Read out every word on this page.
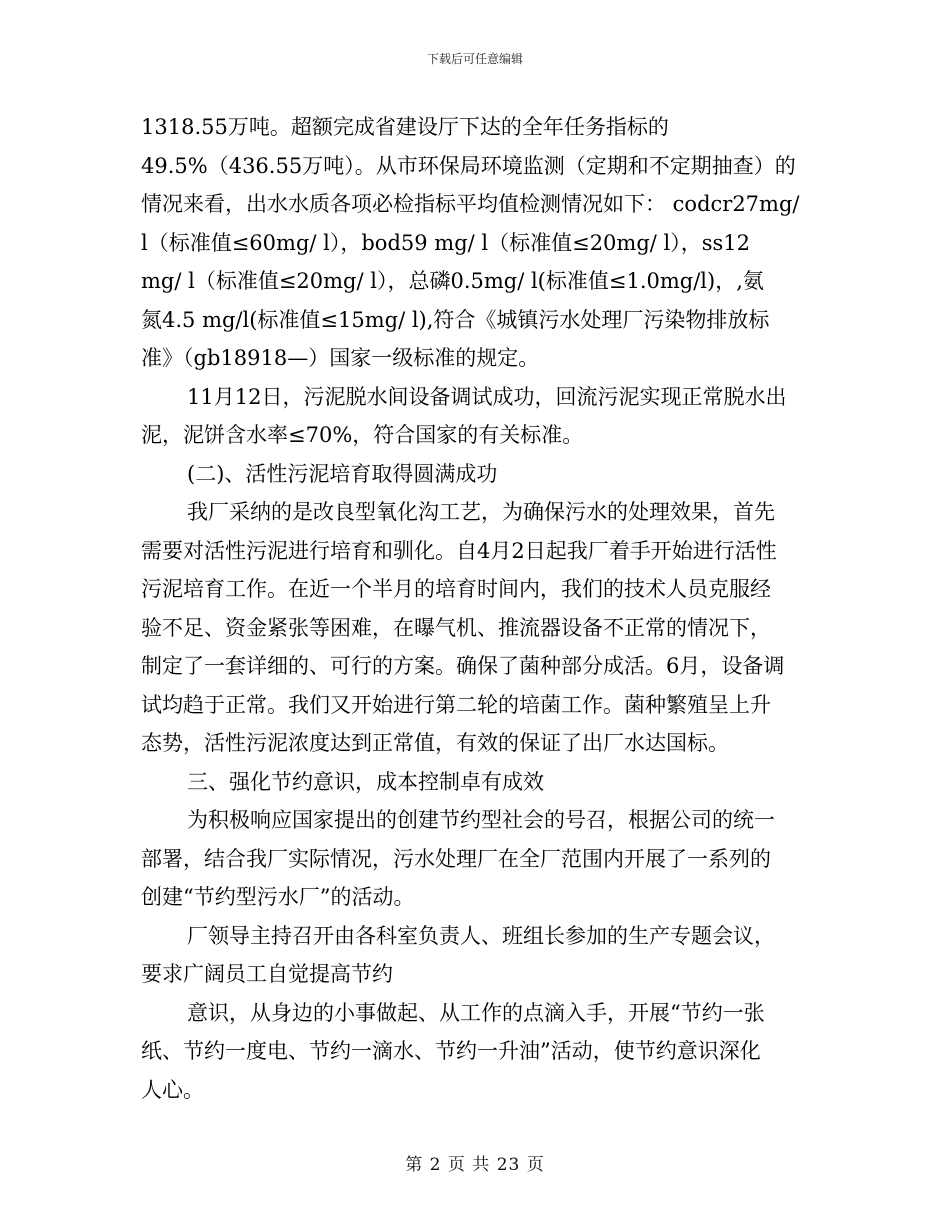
下载后可任意编辑
1318.55万吨。超额完成省建设厅下达的全年任务指标的
49.5%（436.55万吨）。从市环保局环境监测（定期和不定期抽查）的
情况来看，出水水质各项必检指标平均值检测情况如下： codcr27mg/
l（标准值≤60mg/ l），bod59 mg/ l（标准值≤20mg/ l），ss12
mg/ l（标准值≤20mg/ l），总磷0.5mg/ l(标准值≤1.0mg/l)，,氨
氮4.5 mg/l(标准值≤15mg/ l),符合《城镇污水处理厂污染物排放标
准》（gb18918—）国家一级标准的规定。
11月12日，污泥脱水间设备调试成功，回流污泥实现正常脱水出
泥，泥饼含水率≤70%，符合国家的有关标准。
(二)、活性污泥培育取得圆满成功
我厂采纳的是改良型氧化沟工艺，为确保污水的处理效果，首先
需要对活性污泥进行培育和驯化。自4月2日起我厂着手开始进行活性
污泥培育工作。在近一个半月的培育时间内，我们的技术人员克服经
验不足、资金紧张等困难，在曝气机、推流器设备不正常的情况下，
制定了一套详细的、可行的方案。确保了菌种部分成活。6月，设备调
试均趋于正常。我们又开始进行第二轮的培菌工作。菌种繁殖呈上升
态势，活性污泥浓度达到正常值，有效的保证了出厂水达国标。
三、强化节约意识，成本控制卓有成效
为积极响应国家提出的创建节约型社会的号召，根据公司的统一
部署，结合我厂实际情况，污水处理厂在全厂范围内开展了一系列的
创建“节约型污水厂”的活动。
厂领导主持召开由各科室负责人、班组长参加的生产专题会议，
要求广阔员工自觉提高节约
意识，从身边的小事做起、从工作的点滴入手，开展“节约一张
纸、节约一度电、节约一滴水、节约一升油”活动，使节约意识深化
人心。
第 2 页 共 23 页
